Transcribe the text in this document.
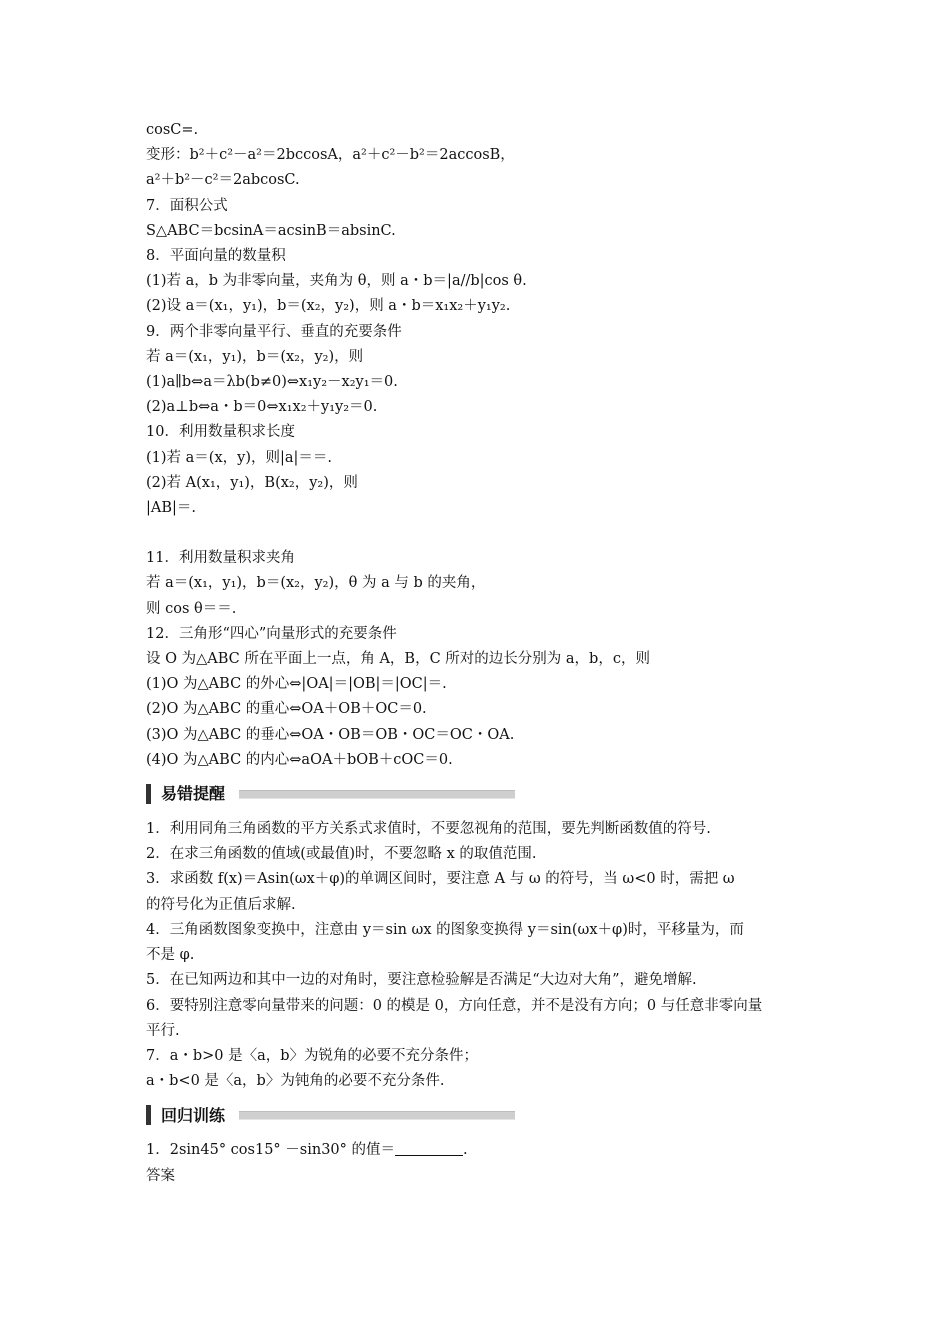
cosC=.
变形：b²＋c²－a²＝2bccosA，a²＋c²－b²＝2accosB，
a²＋b²－c²＝2abcosC.
7．面积公式
S△ABC＝bcsinA＝acsinB＝absinC.
8．平面向量的数量积
(1)若 a，b 为非零向量，夹角为 θ，则 a・b＝|a//b|cos θ.
(2)设 a＝(x₁，y₁)，b＝(x₂，y₂)，则 a・b＝x₁x₂＋y₁y₂.
9．两个非零向量平行、垂直的充要条件
若 a＝(x₁，y₁)，b＝(x₂，y₂)，则
(1)a∥b⇔a＝λb(b≠0)⇔x₁y₂－x₂y₁＝0.
(2)a⊥b⇔a・b＝0⇔x₁x₂＋y₁y₂＝0.
10．利用数量积求长度
(1)若 a＝(x，y)，则|a|＝＝.
(2)若 A(x₁，y₁)，B(x₂，y₂)，则
|AB|＝.
11．利用数量积求夹角
若 a＝(x₁，y₁)，b＝(x₂，y₂)，θ 为 a 与 b 的夹角，
则 cos θ＝＝.
12．三角形“四心”向量形式的充要条件
设 O 为△ABC 所在平面上一点，角 A，B，C 所对的边长分别为 a，b，c，则
(1)O 为△ABC 的外心⇔|OA|＝|OB|＝|OC|＝.
(2)O 为△ABC 的重心⇔OA＋OB＋OC＝0.
(3)O 为△ABC 的垂心⇔OA・OB＝OB・OC＝OC・OA.
(4)O 为△ABC 的内心⇔aOA＋bOB＋cOC＝0.
易错提醒
1．利用同角三角函数的平方关系式求值时，不要忽视角的范围，要先判断函数值的符号.
2．在求三角函数的值域(或最值)时，不要忽略 x 的取值范围.
3．求函数 f(x)＝Asin(ωx＋φ)的单调区间时，要注意 A 与 ω 的符号，当 ω<0 时，需把 ω
的符号化为正值后求解.
4．三角函数图象变换中，注意由 y＝sin ωx 的图象变换得 y＝sin(ωx＋φ)时，平移量为，而
不是 φ.
5．在已知两边和其中一边的对角时，要注意检验解是否满足“大边对大角”，避免增解.
6．要特别注意零向量带来的问题：0 的模是 0，方向任意，并不是没有方向；0 与任意非零向量
平行.
7．a・b>0 是〈a，b〉为锐角的必要不充分条件；
a・b<0 是〈a，b〉为钝角的必要不充分条件.
回归训练
1．2sin45° cos15° －sin30° 的值＝	.
答案
